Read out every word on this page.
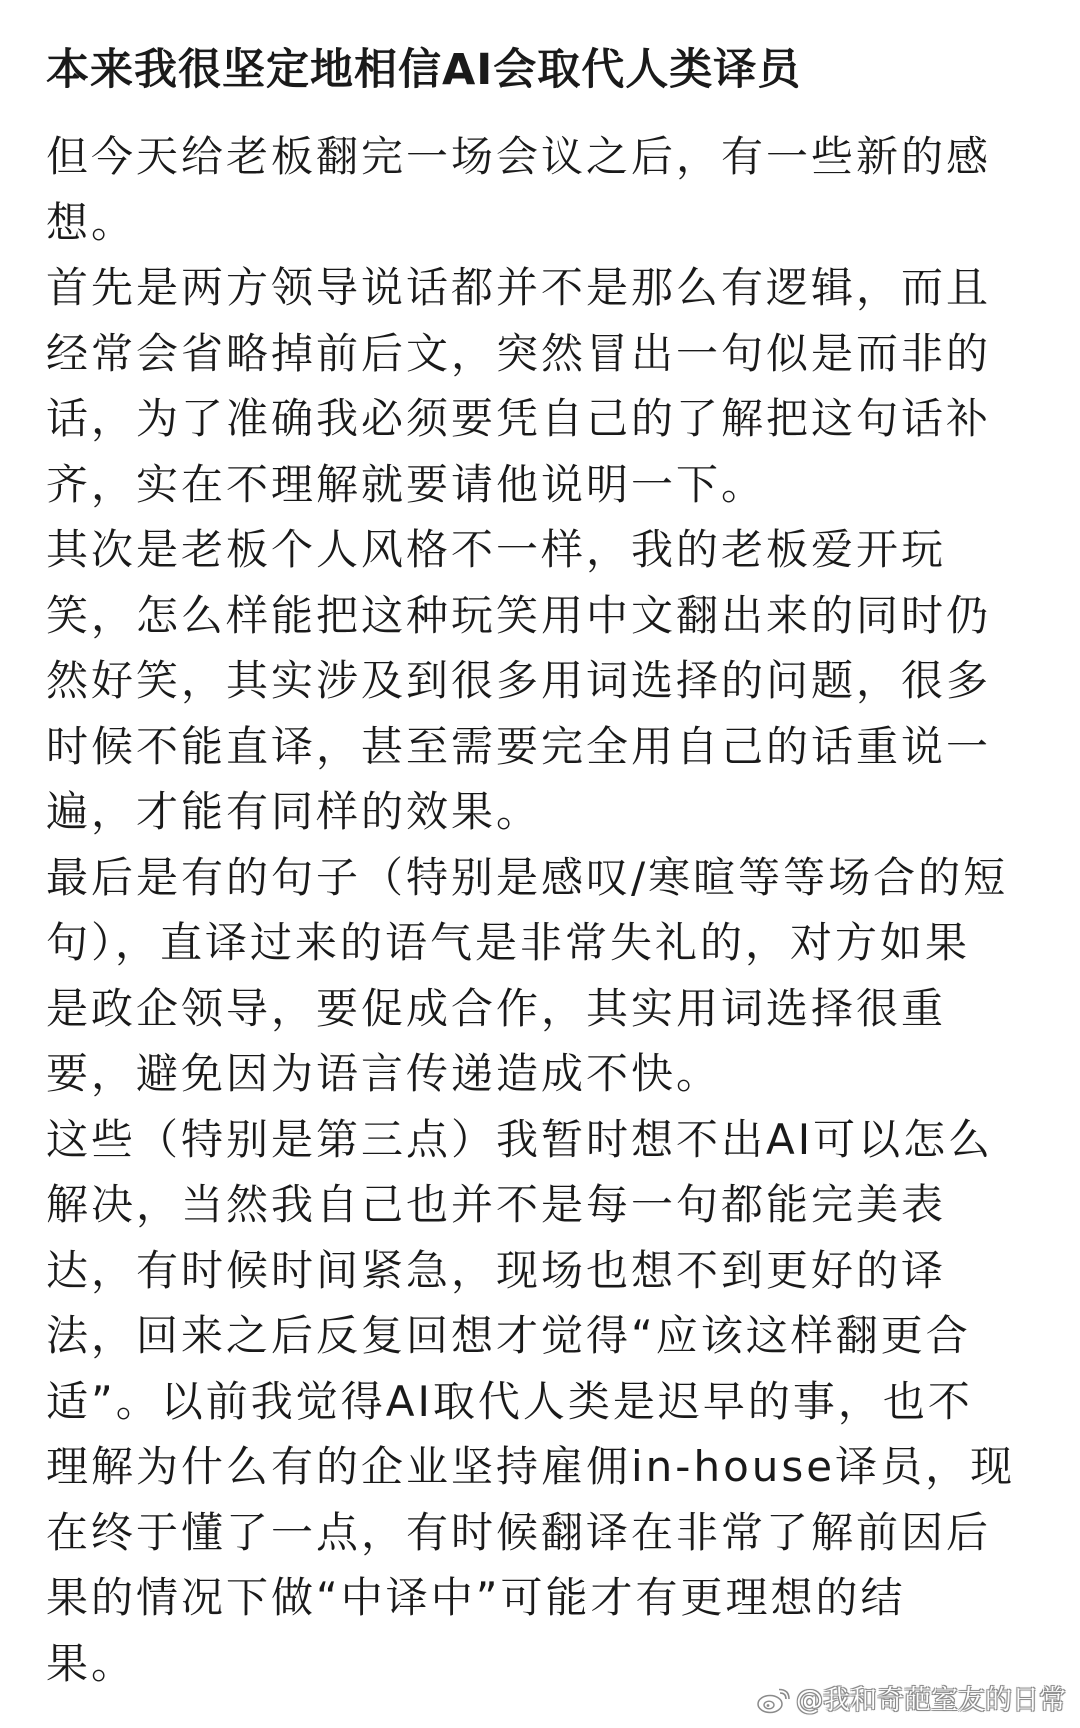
本来我很坚定地相信AI会取代人类译员
但今天给老板翻完一场会议之后，有一些新的感
想。
首先是两方领导说话都并不是那么有逻辑，而且
经常会省略掉前后文，突然冒出一句似是而非的
话，为了准确我必须要凭自己的了解把这句话补
齐，实在不理解就要请他说明一下。
其次是老板个人风格不一样，我的老板爱开玩
笑，怎么样能把这种玩笑用中文翻出来的同时仍
然好笑，其实涉及到很多用词选择的问题，很多
时候不能直译，甚至需要完全用自己的话重说一
遍，才能有同样的效果。
最后是有的句子（特别是感叹/寒暄等等场合的短
句），直译过来的语气是非常失礼的，对方如果
是政企领导，要促成合作，其实用词选择很重
要，避免因为语言传递造成不快。
这些（特别是第三点）我暂时想不出AI可以怎么
解决，当然我自己也并不是每一句都能完美表
达，有时候时间紧急，现场也想不到更好的译
法，回来之后反复回想才觉得“应该这样翻更合
适”。以前我觉得AI取代人类是迟早的事，也不
理解为什么有的企业坚持雇佣in-house译员，现
在终于懂了一点，有时候翻译在非常了解前因后
果的情况下做“中译中”可能才有更理想的结
果。
@我和奇葩室友的日常
